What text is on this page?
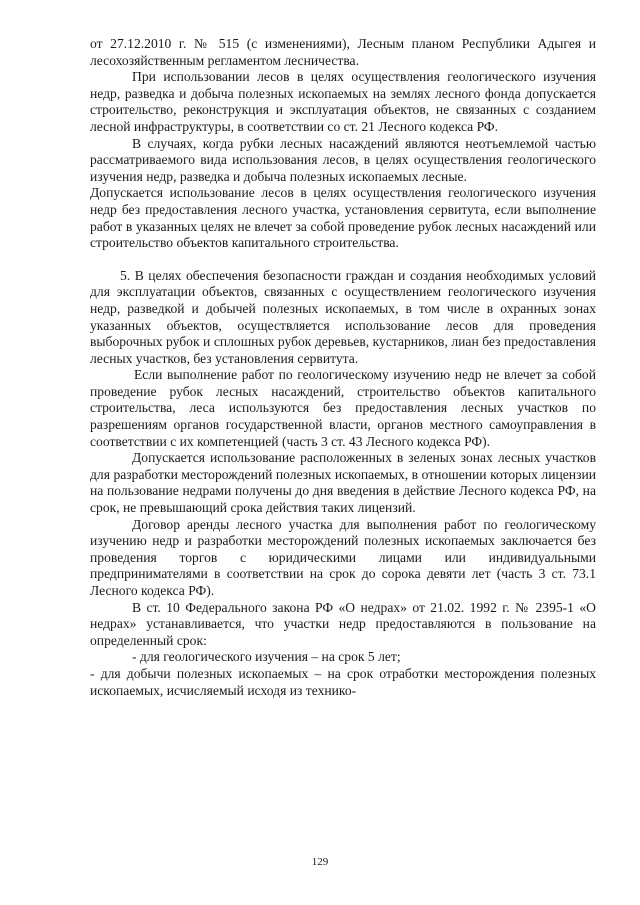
от 27.12.2010 г. № 515 (с изменениями), Лесным планом Республики Адыгея и лесохозяйственным регламентом лесничества.

При использовании лесов в целях осуществления геологического изучения недр, разведка и добыча полезных ископаемых на землях лесного фонда допускается строительство, реконструкция и эксплуатация объектов, не связанных с созданием лесной инфраструктуры, в соответствии со ст. 21 Лесного кодекса РФ.

В случаях, когда рубки лесных насаждений являются неотъемлемой частью рассматриваемого вида использования лесов, в целях осуществления геологического изучения недр, разведка и добыча полезных ископаемых лесные.

Допускается использование лесов в целях осуществления геологического изучения недр без предоставления лесного участка, установления сервитута, если выполнение работ в указанных целях не влечет за собой проведение рубок лесных насаждений или строительство объектов капитального строительства.

5. В целях обеспечения безопасности граждан и создания необходимых условий для эксплуатации объектов, связанных с осуществлением геологического изучения недр, разведкой и добычей полезных ископаемых, в том числе в охранных зонах указанных объектов, осуществляется использование лесов для проведения выборочных рубок и сплошных рубок деревьев, кустарников, лиан без предоставления лесных участков, без установления сервитута.

Если выполнение работ по геологическому изучению недр не влечет за собой проведение рубок лесных насаждений, строительство объектов капитального строительства, леса используются без предоставления лесных участков по разрешениям органов государственной власти, органов местного самоуправления в соответствии с их компетенцией (часть 3 ст. 43 Лесного кодекса РФ).

Допускается использование расположенных в зеленых зонах лесных участков для разработки месторождений полезных ископаемых, в отношении которых лицензии на пользование недрами получены до дня введения в действие Лесного кодекса РФ, на срок, не превышающий срока действия таких лицензий.

Договор аренды лесного участка для выполнения работ по геологическому изучению недр и разработки месторождений полезных ископаемых заключается без проведения торгов с юридическими лицами или индивидуальными предпринимателями в соответствии на срок до сорока девяти лет (часть 3 ст. 73.1 Лесного кодекса РФ).

В ст. 10 Федерального закона РФ «О недрах» от 21.02. 1992 г. № 2395-1 «О недрах» устанавливается, что участки недр предоставляются в пользование на определенный срок:

- для геологического изучения – на срок 5 лет;

- для добычи полезных ископаемых – на срок отработки месторождения полезных ископаемых, исчисляемый исходя из технико-

129
